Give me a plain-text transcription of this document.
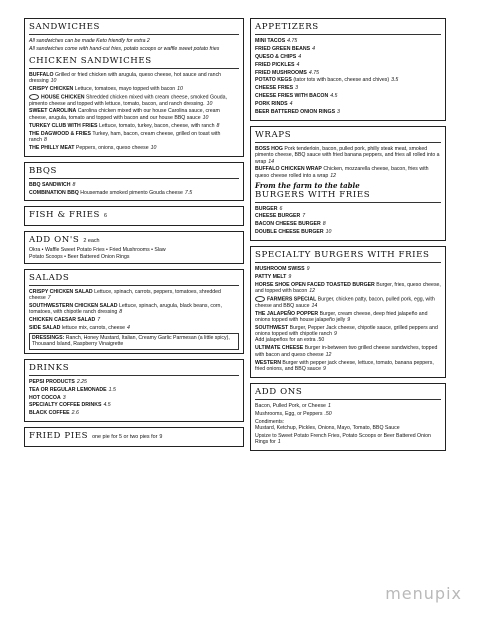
SANDWICHES
All sandwiches can be made Keto friendly for extra 2
All sandwiches come with hand-cut fries, potato scoops or waffle sweet potato fries
CHICKEN SANDWICHES
BUFFALO Grilled or fried chicken with arugula, queso cheese, hot sauce and ranch dressing 10
CRISPY CHICKEN Lettuce, tomatoes, mayo topped with bacon 10
HOUSE CHICKEN Shredded chicken mixed with cream cheese, smoked Gouda, pimento cheese and topped with lettuce, tomato, bacon, and ranch dressing. 10
SWEET CAROLINA Carolina chicken mixed with our house Carolina sauce, cream cheese, arugula, tomato and topped with bacon and our house BBQ sauce 10
TURKEY CLUB WITH FRIES Lettuce, tomato, turkey, bacon, cheese, with ranch 8
THE DAGWOOD & FRIES Turkey, ham, bacon, cream cheese, grilled on toast with ranch 8
THE PHILLY MEAT Peppers, onions, queso cheese 10
BBQS
BBQ SANDWICH 8
COMBINATION BBQ Housemade smoked pimento Gouda cheese 7.5
FISH & FRIES 6
ADD ON'S 2 each
Okra • Waffle Sweet Potato Fries • Fried Mushrooms • Slaw
Potato Scoops • Beer Battered Onion Rings
SALADS
CRISPY CHICKEN SALAD Lettuce, spinach, carrots, peppers, tomatoes, shredded cheese 7
SOUTHWESTERN CHICKEN SALAD Lettuce, spinach, arugula, black beans, corn, tomatoes, with chipotle ranch dressing 8
CHICKEN CAESAR SALAD 7
SIDE SALAD lettuce mix, carrots, cheese 4
DRESSINGS: Ranch, Honey Mustard, Italian, Creamy Garlic Parmesan (a little spicy), Thousand Island, Raspberry Vinaigrette
DRINKS
PEPSI PRODUCTS 2.25
TEA OR REGULAR LEMONADE 1.5
HOT COCOA 3
SPECIALTY COFFEE DRINKS 4.5
BLACK COFFEE 2.6
FRIED PIES one pie for 5 or two pies for 9
APPETIZERS
MINI TACOS 4.75
FRIED GREEN BEANS 4
QUESO & CHIPS 4
FRIED PICKLES 4
FRIED MUSHROOMS 4.75
POTATO KEGS (tator tots with bacon, cheese and chives) 3.5
CHEESE FRIES 3
CHEESE FRIES WITH BACON 4.5
PORK RINDS 4
BEER BATTERED ONION RINGS 3
WRAPS
BOSS HOG Pork tenderloin, bacon, pulled pork, philly steak meat, smoked pimento cheese, BBQ sauce with fried banana peppers, and fries all rolled into a wrap 14
BUFFALO CHICKEN WRAP Chicken, mozzarella cheese, bacon, fries with queso cheese rolled into a wrap 12
From the farm to the table
BURGERS WITH FRIES
BURGER 6
CHEESE BURGER 7
BACON CHEESE BURGER 8
DOUBLE CHEESE BURGER 10
SPECIALTY BURGERS WITH FRIES
MUSHROOM SWISS 9
PATTY MELT 9
HORSE SHOE OPEN FACED TOASTED BURGER Burger, fries, queso cheese, and topped with bacon 12
FARMERS SPECIAL Burger, chicken patty, bacon, pulled pork, egg, with cheese and BBQ sauce 14
THE JALAPEÑO POPPER Burger, cream cheese, deep fried jalapeño and onions topped with house jalapeño jelly 9
SOUTHWEST Burger, Pepper Jack cheese, chipotle sauce, grilled peppers and onions topped with chipotle ranch 9
Add jalapeños for an extra .50
ULTIMATE CHEESE Burger in-between two grilled cheese sandwiches, topped with bacon and queso cheese 12
WESTERN Burger with pepper jack cheese, lettuce, tomato, banana peppers, fried onions, and BBQ sauce 9
ADD ONS
Bacon, Pulled Pork, or Cheese 1
Mushrooms, Egg, or Peppers .50
Condiments:
Mustard, Ketchup, Pickles, Onions, Mayo, Tomato, BBQ Sauce
Upsize to Sweet Potato French Fries, Potato Scoops or Beer Battered Onion Rings for 1
menupix
